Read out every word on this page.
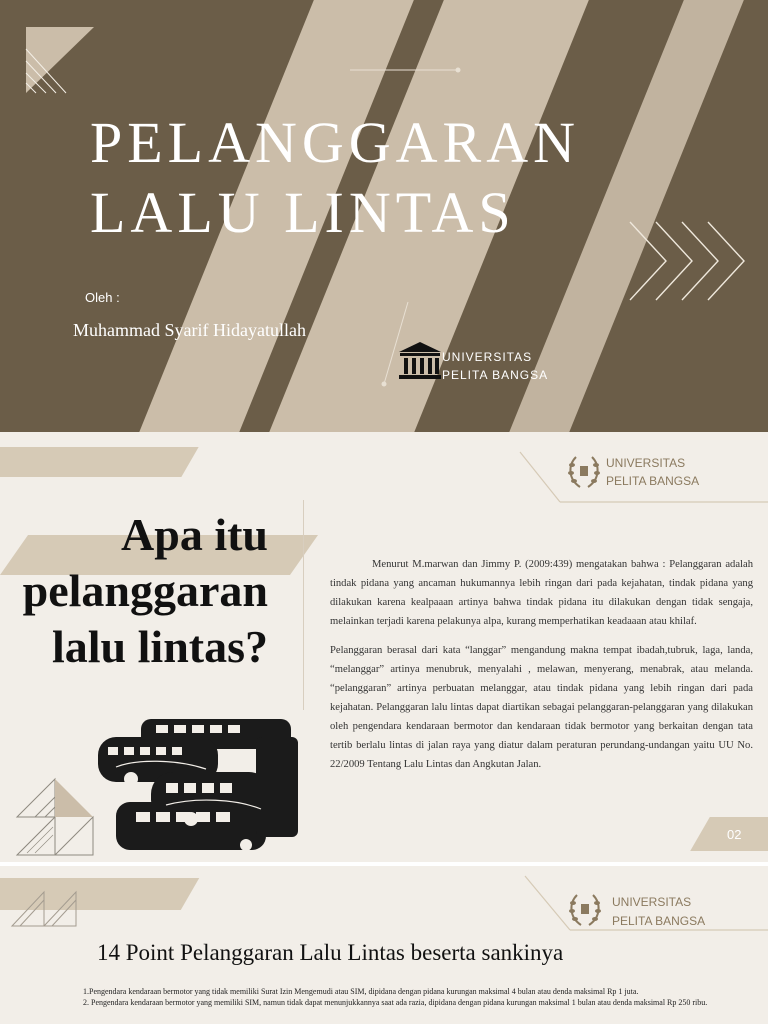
PELANGGARAN
LALU LINTAS
Oleh :
Muhammad Syarif Hidayatullah
UNIVERSITAS
PELITA BANGSA
UNIVERSITAS
PELITA BANGSA
Apa itu
pelanggaran
lalu lintas?

Menurut M.marwan dan Jimmy P. (2009:439) mengatakan bahwa : Pelanggaran adalah tindak pidana yang ancaman hukumannya lebih ringan dari pada kejahatan, tindak pidana yang dilakukan karena kealpaaan artinya bahwa tindak pidana itu dilakukan dengan tidak sengaja, melainkan terjadi karena pelakunya alpa, kurang memperhatikan keadaaan atau khilaf.

Pelanggaran berasal dari kata “langgar” mengandung makna tempat ibadah,tubruk, laga, landa, “melanggar” artinya menubruk, menyalahi , melawan, menyerang, menabrak, atau melanda. “pelanggaran” artinya perbuatan melanggar, atau tindak pidana yang lebih ringan dari pada kejahatan. Pelanggaran lalu lintas dapat diartikan sebagai pelanggaran-pelanggaran yang dilakukan oleh pengendara kendaraan bermotor dan kendaraan tidak bermotor yang berkaitan dengan tata tertib berlalu lintas di jalan raya yang diatur dalam peraturan perundang-undangan yaitu UU No. 22/2009 Tentang Lalu Lintas dan Angkutan Jalan.

02
UNIVERSITAS
PELITA BANGSA
14 Point Pelanggaran Lalu Lintas beserta sankinya
1.Pengendara kendaraan bermotor yang tidak memiliki Surat Izin Mengemudi atau SIM, dipidana dengan pidana kurungan maksimal 4 bulan atau denda maksimal Rp 1 juta.
2. Pengendara kendaraan bermotor yang memiliki SIM, namun tidak dapat menunjukkannya saat ada razia, dipidana dengan pidana kurungan maksimal 1 bulan atau denda maksimal Rp 250 ribu.
